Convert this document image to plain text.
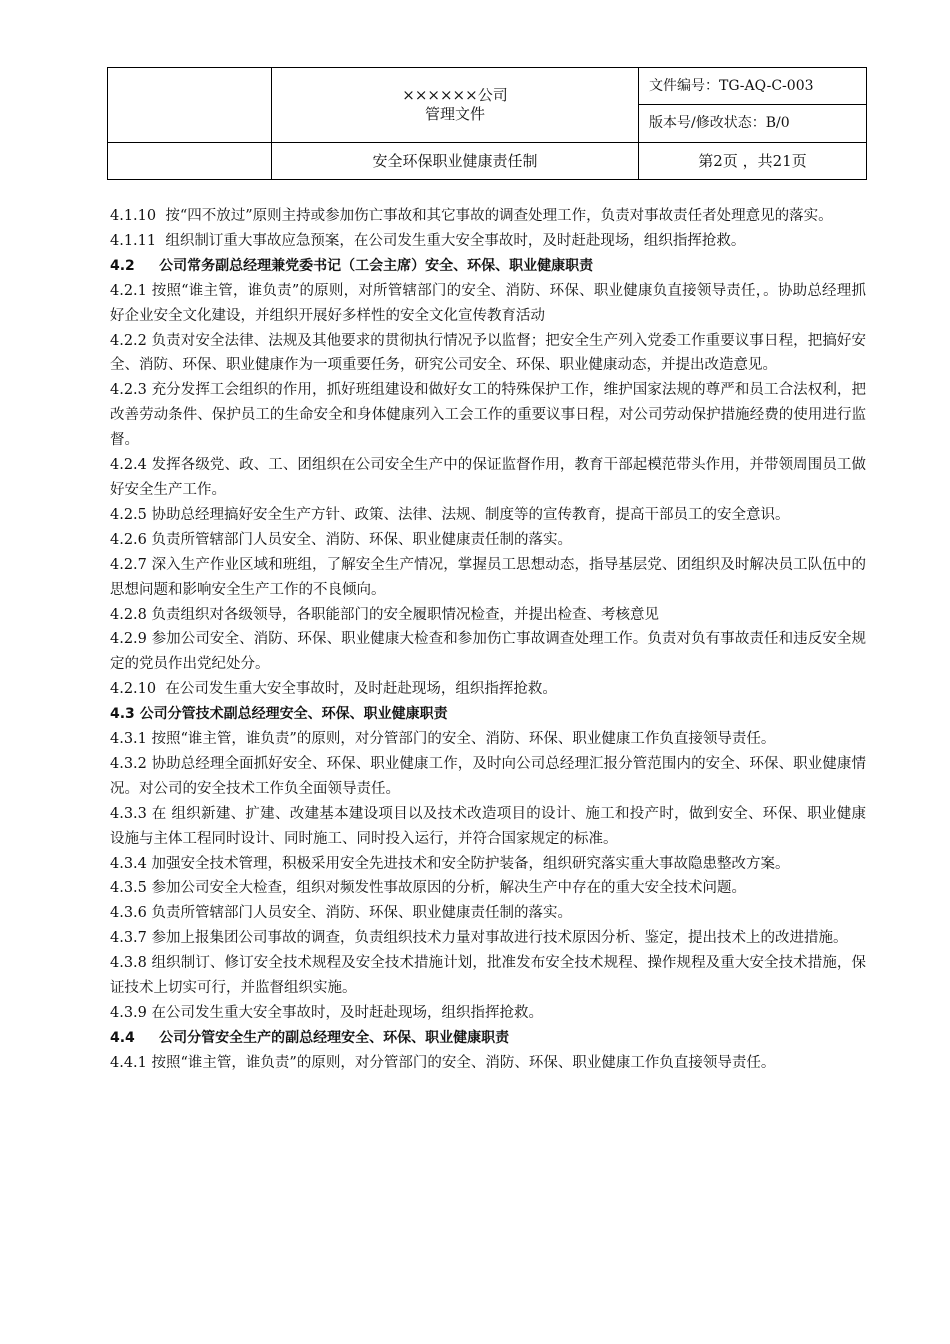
	××××××公司
管理文件	文件编号：TG-AQ-C-003
		版本号/修改状态：B/0
	安全环保职业健康责任制	第2页 ，共21页

4.1.10  按“四不放过”原则主持或参加伤亡事故和其它事故的调查处理工作，负责对事故责任者处理意见的落实。

4.1.11  组织制订重大事故应急预案，在公司发生重大安全事故时，及时赶赴现场，组织指挥抢救。

4.2     公司常务副总经理兼党委书记（工会主席）安全、环保、职业健康职责

4.2.1 按照“谁主管，谁负责”的原则，对所管辖部门的安全、消防、环保、职业健康负直接领导责任，。协助总经理抓好企业安全文化建设，并组织开展好多样性的安全文化宣传教育活动

4.2.2 负责对安全法律、法规及其他要求的贯彻执行情况予以监督；把安全生产列入党委工作重要议事日程，把搞好安全、消防、环保、职业健康作为一项重要任务，研究公司安全、环保、职业健康动态，并提出改造意见。

4.2.3 充分发挥工会组织的作用，抓好班组建设和做好女工的特殊保护工作，维护国家法规的尊严和员工合法权利，把改善劳动条件、保护员工的生命安全和身体健康列入工会工作的重要议事日程，对公司劳动保护措施经费的使用进行监督。

4.2.4 发挥各级党、政、工、团组织在公司安全生产中的保证监督作用，教育干部起模范带头作用，并带领周围员工做好安全生产工作。

4.2.5 协助总经理搞好安全生产方针、政策、法律、法规、制度等的宣传教育，提高干部员工的安全意识。

4.2.6 负责所管辖部门人员安全、消防、环保、职业健康责任制的落实。

4.2.7 深入生产作业区域和班组，了解安全生产情况，掌握员工思想动态，指导基层党、团组织及时解决员工队伍中的思想问题和影响安全生产工作的不良倾向。

4.2.8 负责组织对各级领导，各职能部门的安全履职情况检查，并提出检查、考核意见

4.2.9 参加公司安全、消防、环保、职业健康大检查和参加伤亡事故调查处理工作。负责对负有事故责任和违反安全规定的党员作出党纪处分。

4.2.10  在公司发生重大安全事故时，及时赶赴现场，组织指挥抢救。

4.3 公司分管技术副总经理安全、环保、职业健康职责

4.3.1 按照“谁主管，谁负责”的原则，对分管部门的安全、消防、环保、职业健康工作负直接领导责任。

4.3.2 协助总经理全面抓好安全、环保、职业健康工作，及时向公司总经理汇报分管范围内的安全、环保、职业健康情况。对公司的安全技术工作负全面领导责任。

4.3.3 在 组织新建、扩建、改建基本建设项目以及技术改造项目的设计、施工和投产时，做到安全、环保、职业健康设施与主体工程同时设计、同时施工、同时投入运行，并符合国家规定的标准。

4.3.4 加强安全技术管理，积极采用安全先进技术和安全防护装备，组织研究落实重大事故隐患整改方案。

4.3.5 参加公司安全大检查，组织对频发性事故原因的分析，解决生产中存在的重大安全技术问题。

4.3.6 负责所管辖部门人员安全、消防、环保、职业健康责任制的落实。

4.3.7 参加上报集团公司事故的调查，负责组织技术力量对事故进行技术原因分析、鉴定，提出技术上的改进措施。

4.3.8 组织制订、修订安全技术规程及安全技术措施计划，批准发布安全技术规程、操作规程及重大安全技术措施，保证技术上切实可行，并监督组织实施。

4.3.9 在公司发生重大安全事故时，及时赶赴现场，组织指挥抢救。

4.4     公司分管安全生产的副总经理安全、环保、职业健康职责

4.4.1 按照“谁主管，谁负责”的原则，对分管部门的安全、消防、环保、职业健康工作负直接领导责任。
